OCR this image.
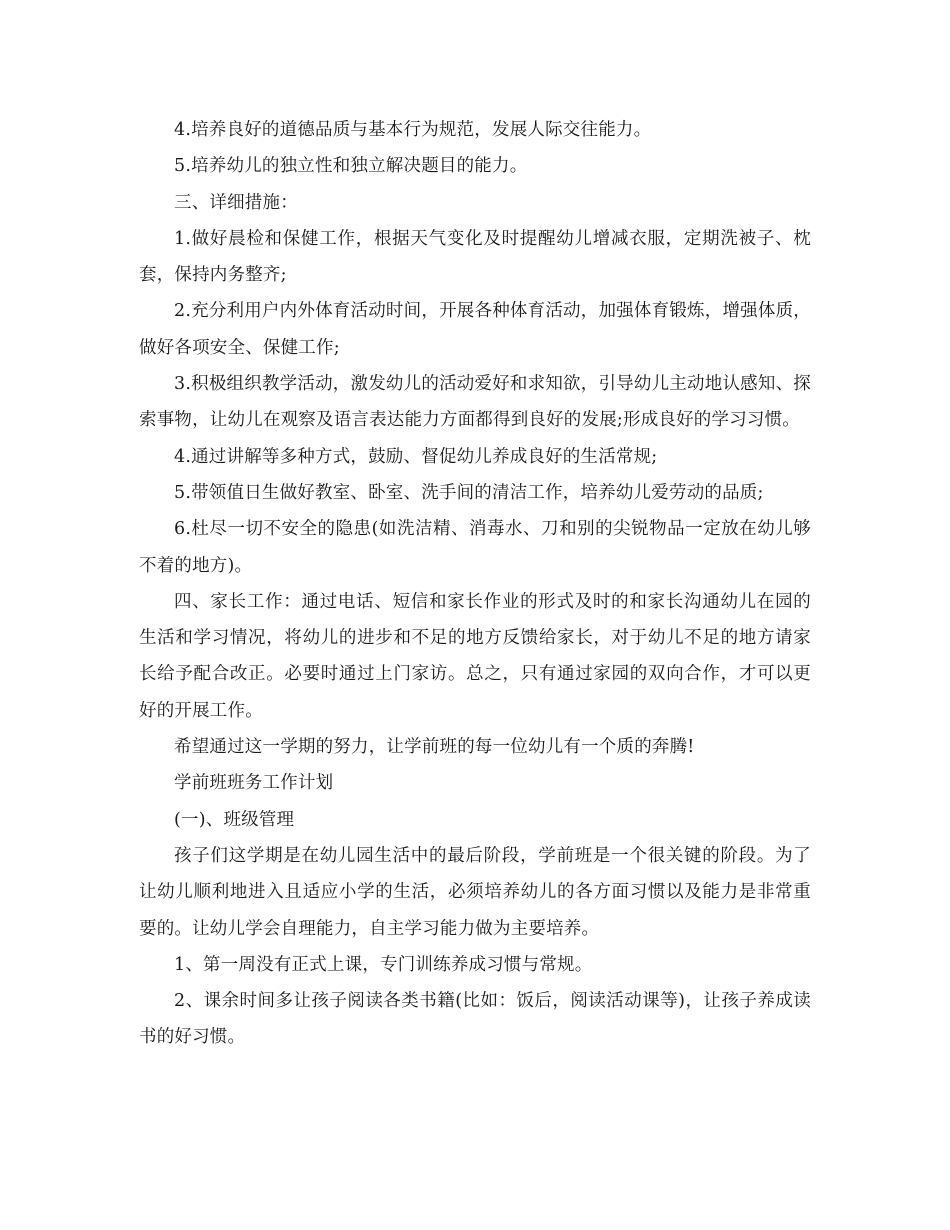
4.培养良好的道德品质与基本行为规范，发展人际交往能力。

5.培养幼儿的独立性和独立解决题目的能力。

三、详细措施：

1.做好晨检和保健工作，根据天气变化及时提醒幼儿增减衣服，定期洗被子、枕套，保持内务整齐;

2.充分利用户内外体育活动时间，开展各种体育活动，加强体育锻炼，增强体质，做好各项安全、保健工作;

3.积极组织教学活动，激发幼儿的活动爱好和求知欲，引导幼儿主动地认感知、探索事物，让幼儿在观察及语言表达能力方面都得到良好的发展;形成良好的学习习惯。

4.通过讲解等多种方式，鼓励、督促幼儿养成良好的生活常规;

5.带领值日生做好教室、卧室、洗手间的清洁工作，培养幼儿爱劳动的品质;

6.杜尽一切不安全的隐患(如洗洁精、消毒水、刀和别的尖锐物品一定放在幼儿够不着的地方)。

四、家长工作：通过电话、短信和家长作业的形式及时的和家长沟通幼儿在园的生活和学习情况，将幼儿的进步和不足的地方反馈给家长，对于幼儿不足的地方请家长给予配合改正。必要时通过上门家访。总之，只有通过家园的双向合作，才可以更好的开展工作。

希望通过这一学期的努力，让学前班的每一位幼儿有一个质的奔腾!

学前班班务工作计划

(一)、班级管理

孩子们这学期是在幼儿园生活中的最后阶段，学前班是一个很关键的阶段。为了让幼儿顺利地进入且适应小学的生活，必须培养幼儿的各方面习惯以及能力是非常重要的。让幼儿学会自理能力，自主学习能力做为主要培养。

1、第一周没有正式上课，专门训练养成习惯与常规。

2、课余时间多让孩子阅读各类书籍(比如：饭后，阅读活动课等)，让孩子养成读书的好习惯。
